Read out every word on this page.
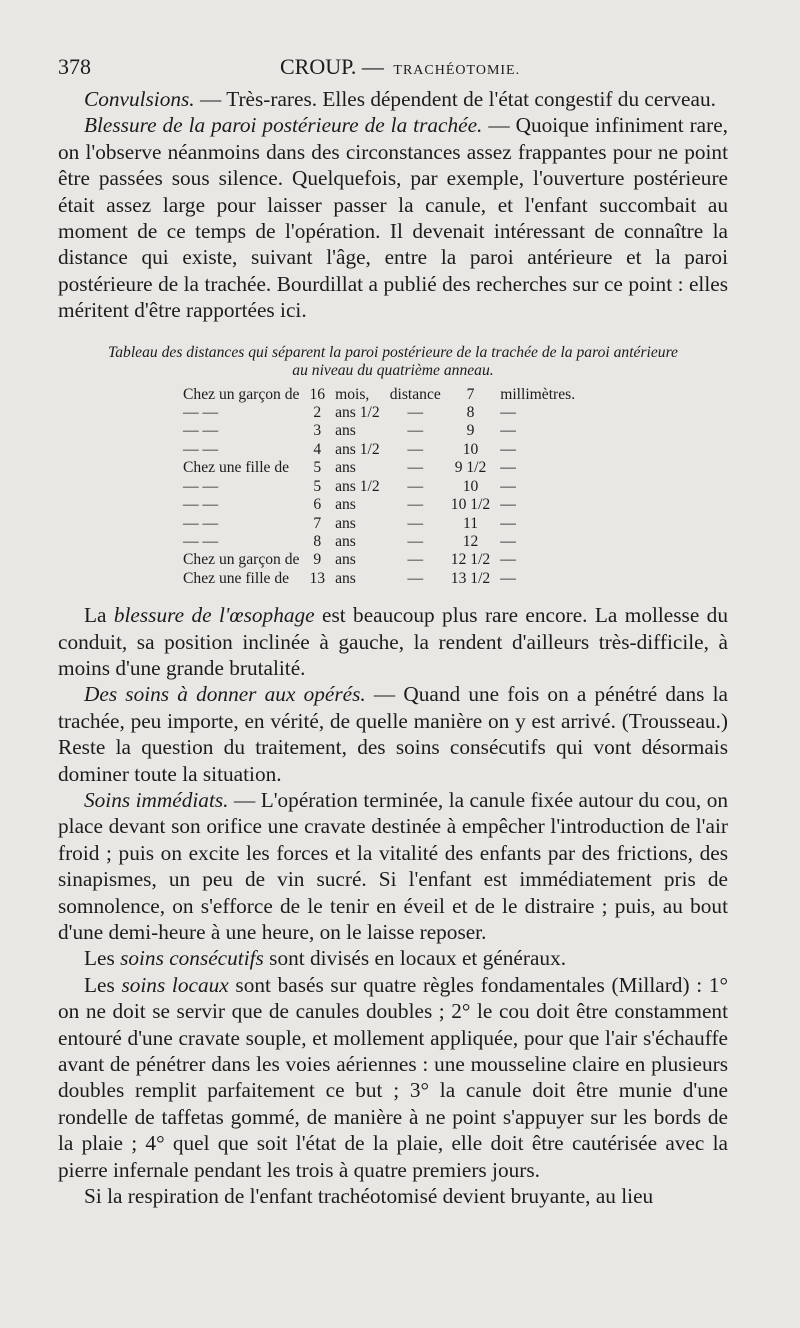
378	CROUP. — TRACHÉOTOMIE.

Convulsions. — Très-rares. Elles dépendent de l'état congestif du cerveau.

Blessure de la paroi postérieure de la trachée. — Quoique infiniment rare, on l'observe néanmoins dans des circonstances assez frappantes pour ne point être passées sous silence. Quelquefois, par exemple, l'ouverture postérieure était assez large pour laisser passer la canule, et l'enfant succombait au moment de ce temps de l'opération. Il devenait intéressant de connaître la distance qui existe, suivant l'âge, entre la paroi antérieure et la paroi postérieure de la trachée. Bourdillat a publié des recherches sur ce point : elles méritent d'être rapportées ici.

Tableau des distances qui séparent la paroi postérieure de la trachée de la paroi antérieure
au niveau du quatrième anneau.
Chez un garçon de	16	mois,	distance	7	millimètres.
— —	2	ans 1/2	—	8	—
— —	3	ans	—	9	—
— —	4	ans 1/2	—	10	—
Chez une fille de	5	ans	—	9 1/2	—
— —	5	ans 1/2	—	10	—
— —	6	ans	—	10 1/2	—
— —	7	ans	—	11	—
— —	8	ans	—	12	—
Chez un garçon de	9	ans	—	12 1/2	—
Chez une fille de	13	ans	—	13 1/2	—

La blessure de l'œsophage est beaucoup plus rare encore. La mollesse du conduit, sa position inclinée à gauche, la rendent d'ailleurs très-difficile, à moins d'une grande brutalité.

Des soins à donner aux opérés. — Quand une fois on a pénétré dans la trachée, peu importe, en vérité, de quelle manière on y est arrivé. (Trousseau.) Reste la question du traitement, des soins consécutifs qui vont désormais dominer toute la situation.

Soins immédiats. — L'opération terminée, la canule fixée autour du cou, on place devant son orifice une cravate destinée à empêcher l'introduction de l'air froid ; puis on excite les forces et la vitalité des enfants par des frictions, des sinapismes, un peu de vin sucré. Si l'enfant est immédiatement pris de somnolence, on s'efforce de le tenir en éveil et de le distraire ; puis, au bout d'une demi-heure à une heure, on le laisse reposer.

Les soins consécutifs sont divisés en locaux et généraux.

Les soins locaux sont basés sur quatre règles fondamentales (Millard) : 1° on ne doit se servir que de canules doubles ; 2° le cou doit être constamment entouré d'une cravate souple, et mollement appliquée, pour que l'air s'échauffe avant de pénétrer dans les voies aériennes : une mousseline claire en plusieurs doubles remplit parfaitement ce but ; 3° la canule doit être munie d'une rondelle de taffetas gommé, de manière à ne point s'appuyer sur les bords de la plaie ; 4° quel que soit l'état de la plaie, elle doit être cautérisée avec la pierre infernale pendant les trois à quatre premiers jours.

Si la respiration de l'enfant trachéotomisé devient bruyante, au lieu
